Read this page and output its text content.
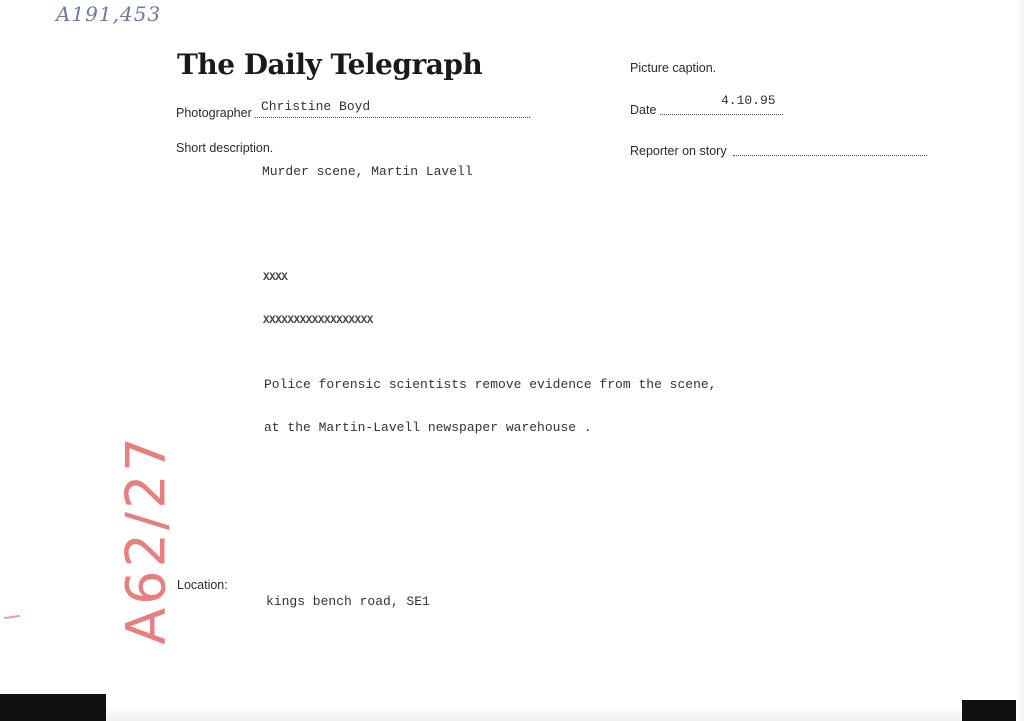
A191,453
The Daily Telegraph
Photographer Christine Boyd
Short description.
Murder scene, Martin Lavell
XXXX
XXXXXXXXXXXXXXXXXX
Police forensic scientists remove evidence from the scene,
at the Martin-Lavell newspaper warehouse .
Location:
kings bench road, SE1
Picture caption.
Date
4.10.95
Reporter on story
A62/27
